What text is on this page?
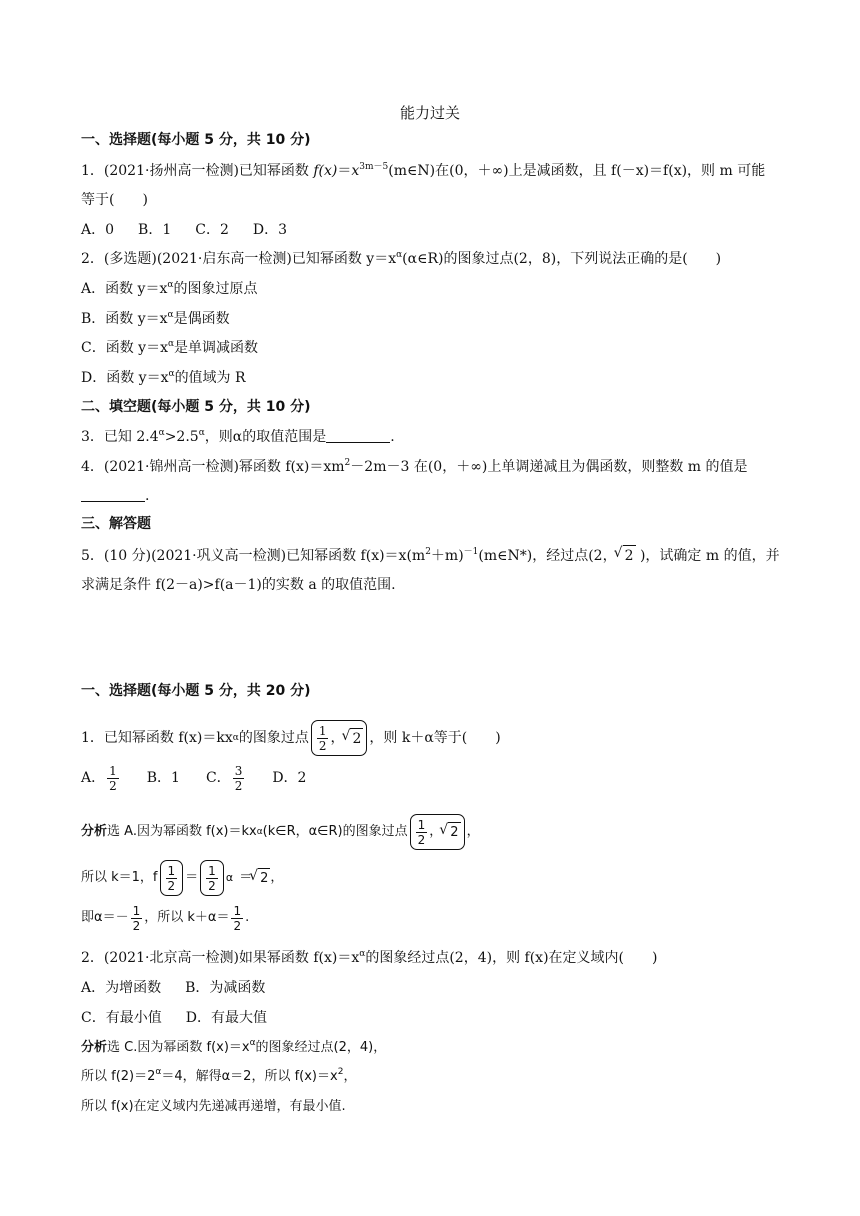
能力过关
一、选择题(每小题 5 分，共 10 分)
1．(2021·扬州高一检测)已知幂函数 $f(x)=x^{3m-5}(m\in N)$在(0，＋∞)上是减函数，且 f(－x)＝f(x)，则 m 可能
等于(　　)
A．0 B．1 C．2 D．3
2．(多选题)(2021·启东高一检测)已知幂函数 $y=x^\alpha(\alpha\in R)$的图象过点(2，8)，下列说法正确的是(　　)
A．函数 $y=x^\alpha$的图象过原点
B．函数 $y=x^\alpha$是偶函数
C．函数 $y=x^\alpha$是单调减函数
D．函数 $y=x^\alpha$的值域为 R
二、填空题(每小题 5 分，共 10 分)
3．已知 $2.4^\alpha>2.5^\alpha$，则α的取值范围是	.
4．(2021·锦州高一检测)幂函数 $f(x)=xm^2-2m-3$ 在(0，＋∞)上单调递减且为偶函数，则整数 m 的值是
.
三、解答题
5．(10 分)(2021·巩义高一检测)已知幂函数 $f(x)=x(m^2+m)^{-1}(m\in N*)$，经过点(2， √ 2 )，试确定 m 的值，并
求满足条件 f(2－a)>f(a－1)的实数 a 的取值范围.
一、选择题(每小题 5 分，共 20 分)
1．已知幂函数 f(x)＝kx α 的图象过点 $\frac{1}{2}$ ， √ 2 ，则 k＋α等于(　　)
A． $\frac{1}{2}$ B．1 C． $\frac{3}{2}$ D．2
分析 选 A.因为幂函数 f(x)＝kx α (k∈R，α∈R)的图象过点 $\frac{1}{2}$ ， √ 2 ，
所以 k＝1，f $\frac{1}{2} = \frac{1}{2}$ α ＝ √ 2 ，
即$\alpha=- \frac{1}{2}$ ，所以 $k+\alpha= \frac{1}{2}$ .
2．(2021·北京高一检测)如果幂函数 $f(x)=x^\alpha$的图象经过点(2，4)，则 f(x)在定义域内(　　)
A．为增函数 B．为减函数
C．有最小值 D．有最大值
分析选 C.因为幂函数 $f(x)=x^\alpha$的图象经过点(2，4)，
所以 $f(2)=2^\alpha=4$，解得α＝2，所以 $f(x)=x^2$，
所以 f(x)在定义域内先递减再递增，有最小值.
